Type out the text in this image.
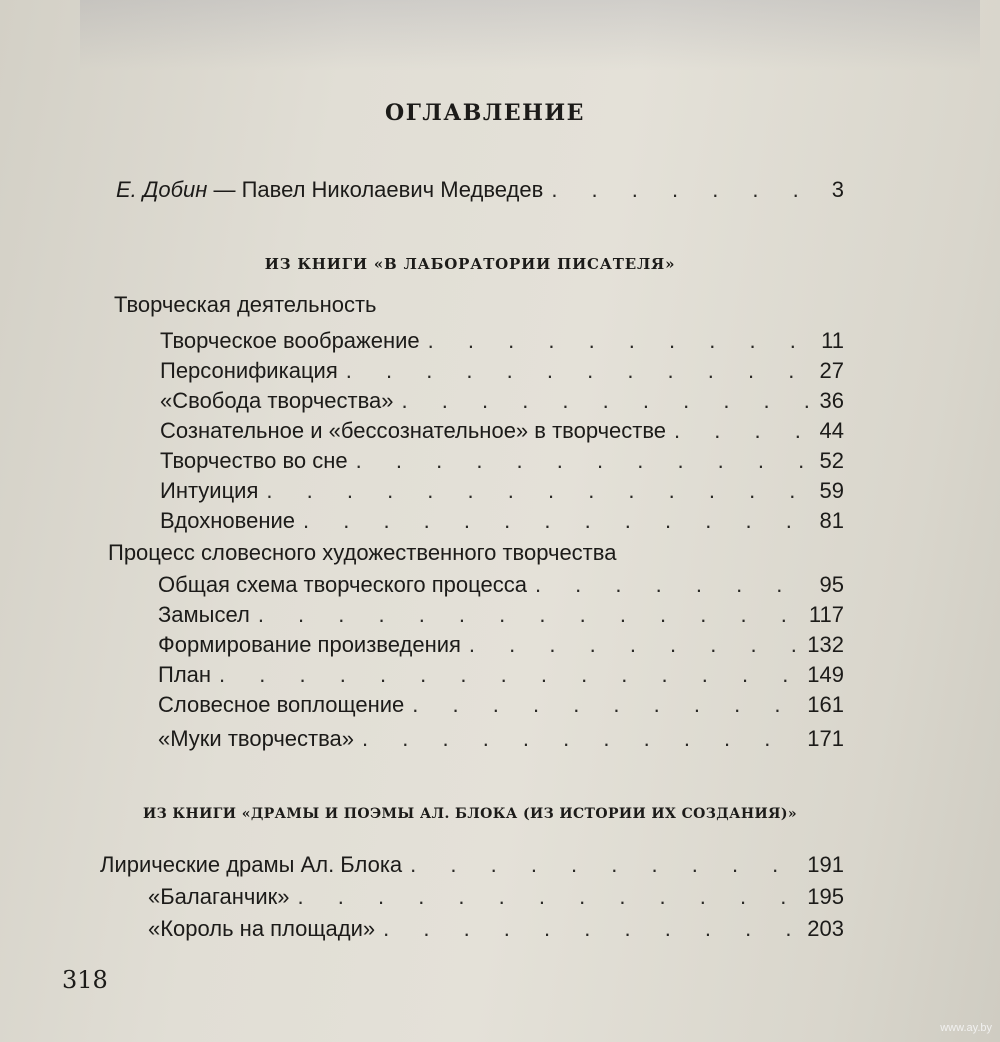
ОГЛАВЛЕНИЕ
Е. Добин — Павел Николаевич Медведев . . .	3
ИЗ КНИГИ «В ЛАБОРАТОРИИ ПИСАТЕЛЯ»
Творческая деятельность
Творческое воображение . . .	11
Персонификация . . .	27
«Свобода творчества» . . .	36
Сознательное и «бессознательное» в творчестве . . .	44
Творчество во сне . . .	52
Интуиция . . .	59
Вдохновение . . .	81
Процесс словесного художественного творчества
Общая схема творческого процесса . . .	95
Замысел . . .	117
Формирование произведения . . .	132
План . . .	149
Словесное воплощение . . .	161
«Муки творчества» . . .	171
ИЗ КНИГИ «ДРАМЫ И ПОЭМЫ АЛ. БЛОКА (ИЗ ИСТОРИИ ИХ СОЗДАНИЯ)»
Лирические драмы Ал. Блока . . .	191
«Балаганчик» . . .	195
«Король на площади» . . .	203
318
www.ay.by
